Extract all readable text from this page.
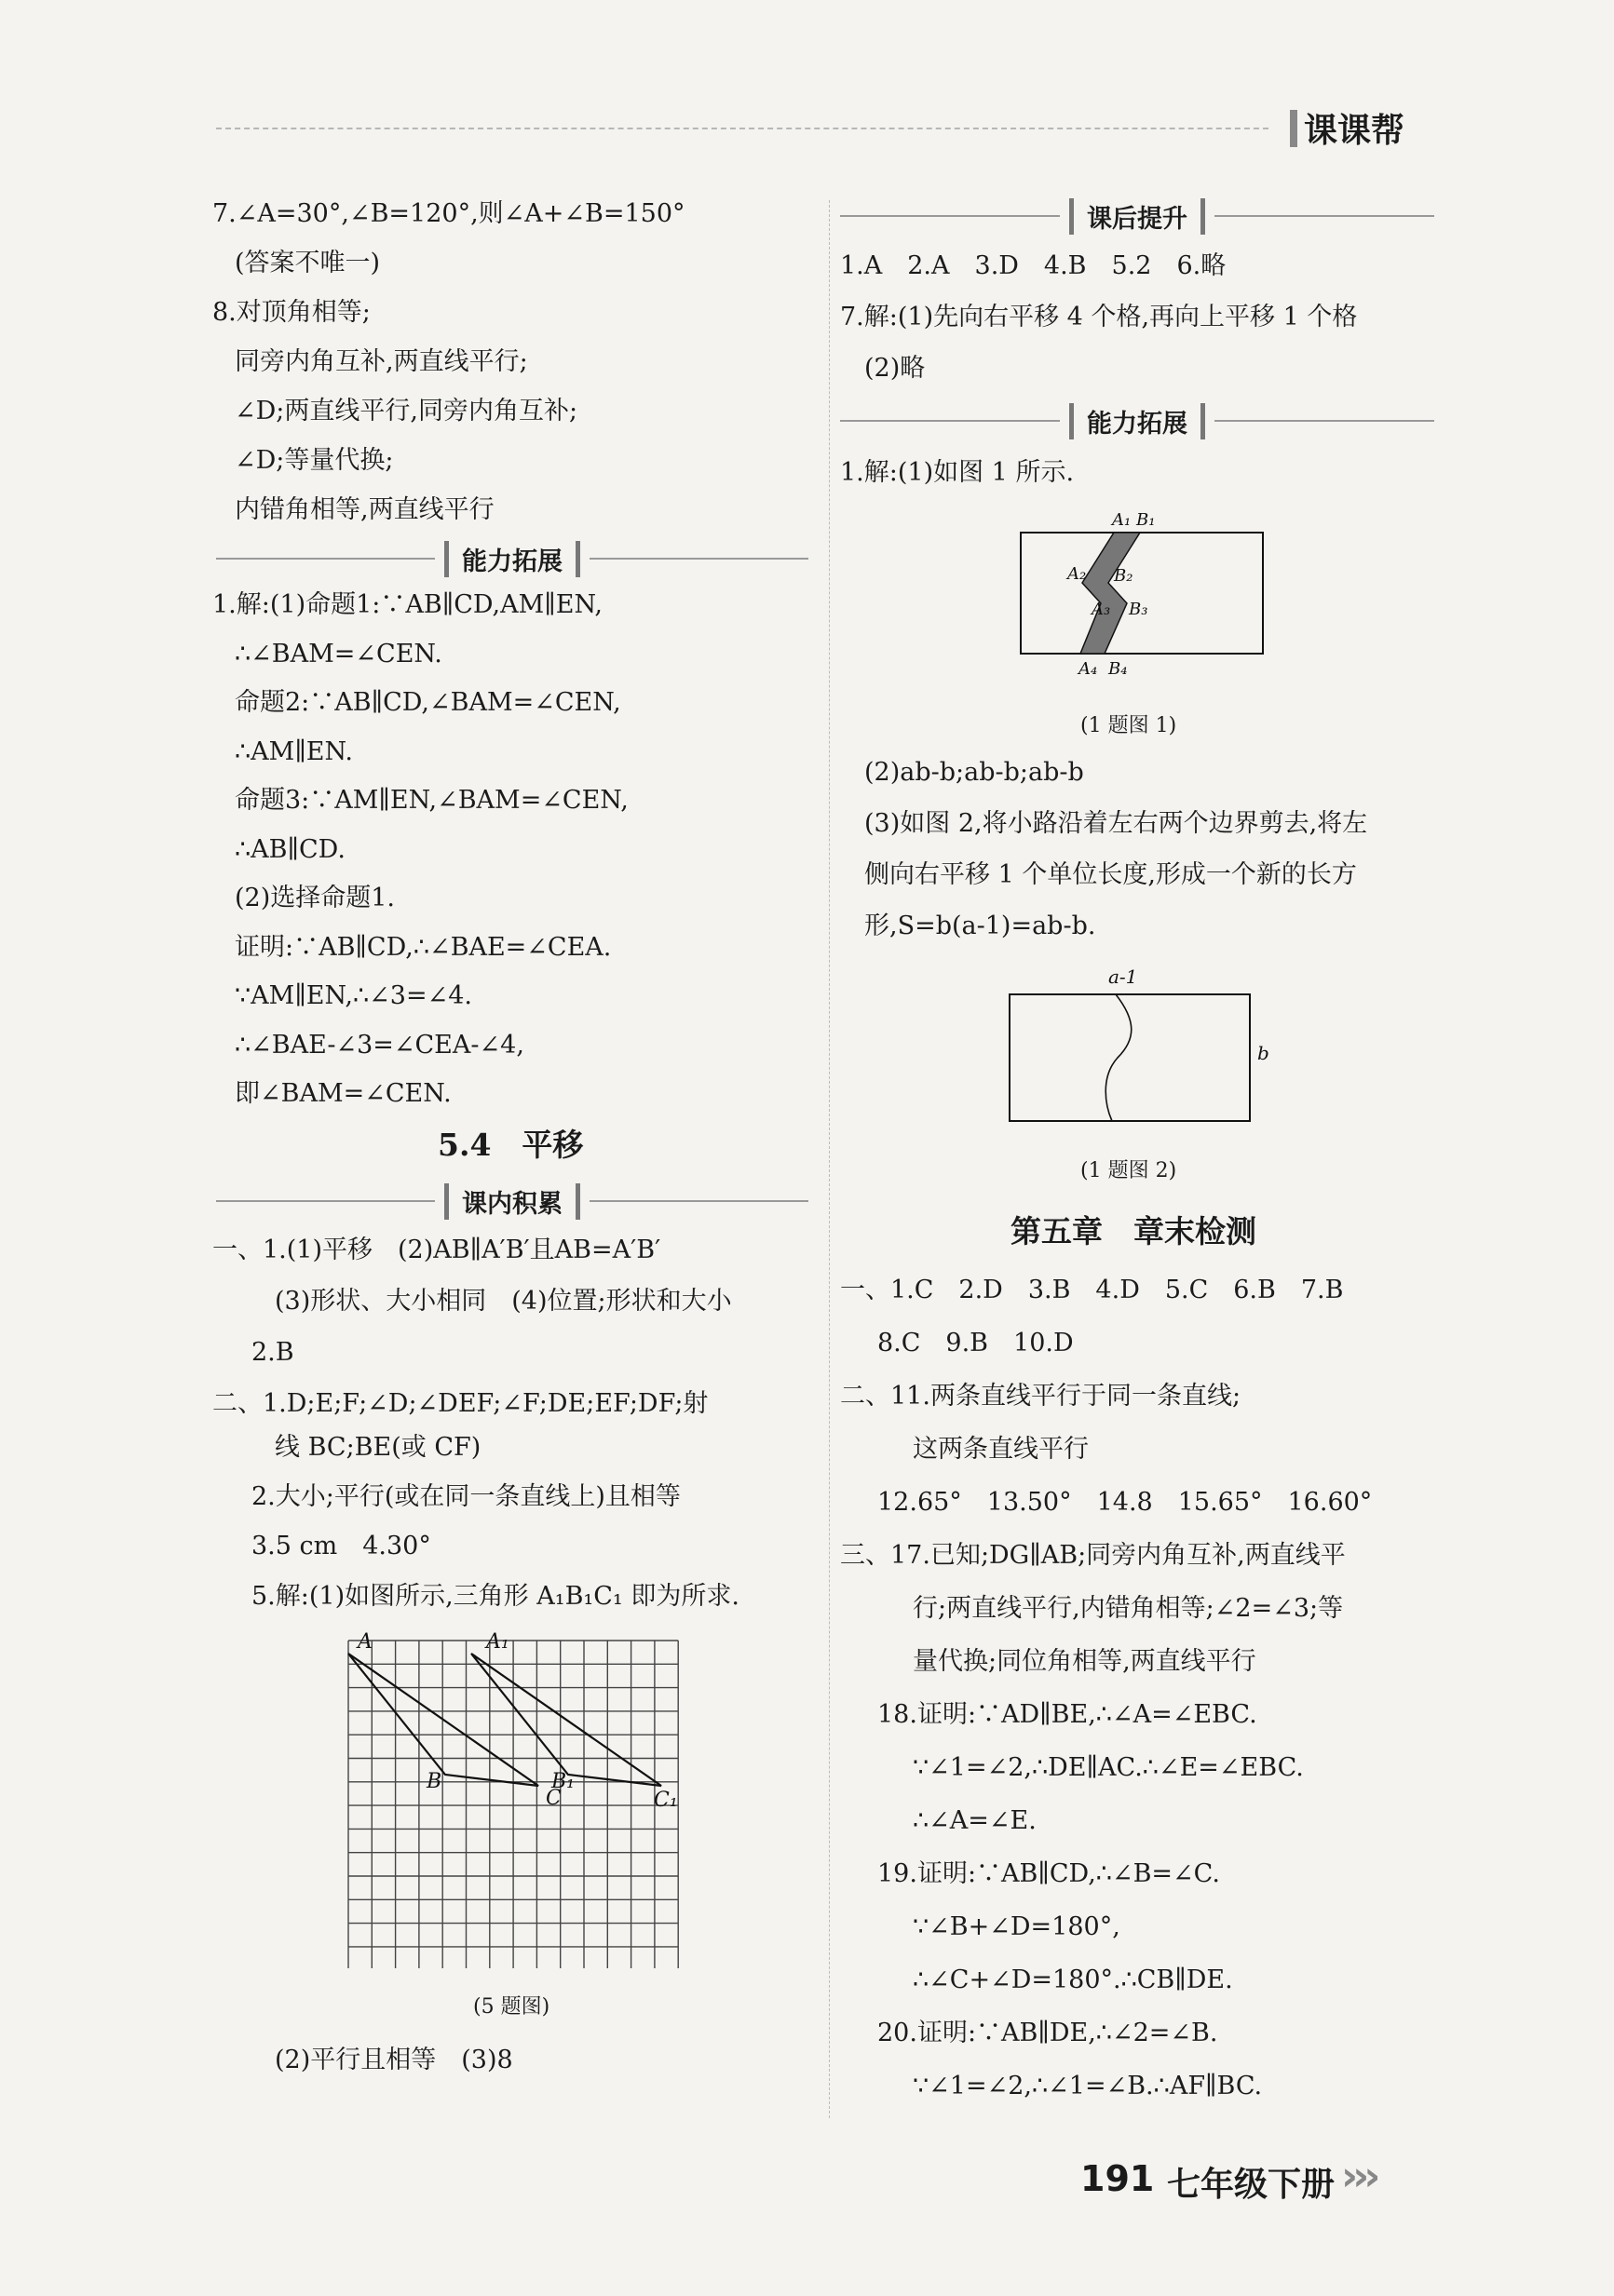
课课帮
7.∠A=30°,∠B=120°,则∠A+∠B=150°
(答案不唯一)
8.对顶角相等;
同旁内角互补,两直线平行;
∠D;两直线平行,同旁内角互补;
∠D;等量代换;
内错角相等,两直线平行
能力拓展
1.解:(1)命题1:∵AB∥CD,AM∥EN,
∴∠BAM=∠CEN.
命题2:∵AB∥CD,∠BAM=∠CEN,
∴AM∥EN.
命题3:∵AM∥EN,∠BAM=∠CEN,
∴AB∥CD.
(2)选择命题1.
证明:∵AB∥CD,∴∠BAE=∠CEA.
∵AM∥EN,∴∠3=∠4.
∴∠BAE-∠3=∠CEA-∠4,
即∠BAM=∠CEN.
5.4　平移
课内积累
一、1.(1)平移　(2)AB∥A′B′且AB=A′B′
(3)形状、大小相同　(4)位置;形状和大小
2.B
二、1.D;E;F;∠D;∠DEF;∠F;DE;EF;DF;射
线 BC;BE(或 CF)
2.大小;平行(或在同一条直线上)且相等
3.5 cm　4.30°
5.解:(1)如图所示,三角形 A₁B₁C₁ 即为所求.
A	A₁
B	B₁
C	C₁
(5 题图)
(2)平行且相等　(3)8
课后提升
1.A　2.A　3.D　4.B　5.2　6.略
7.解:(1)先向右平移 4 个格,再向上平移 1 个格
(2)略
能力拓展
1.解:(1)如图 1 所示.
A₁ B₁
A₂ B₂
A₃ B₃
A₄ B₄
(1 题图 1)
(2)ab-b;ab-b;ab-b
(3)如图 2,将小路沿着左右两个边界剪去,将左
侧向右平移 1 个单位长度,形成一个新的长方
形,S=b(a-1)=ab-b.
a-1
b
(1 题图 2)
第五章　章末检测
一、1.C　2.D　3.B　4.D　5.C　6.B　7.B
8.C　9.B　10.D
二、11.两条直线平行于同一条直线;
这两条直线平行
12.65°　13.50°　14.8　15.65°　16.60°
三、17.已知;DG∥AB;同旁内角互补,两直线平
行;两直线平行,内错角相等;∠2=∠3;等
量代换;同位角相等,两直线平行
18.证明:∵AD∥BE,∴∠A=∠EBC.
∵∠1=∠2,∴DE∥AC.∴∠E=∠EBC.
∴∠A=∠E.
19.证明:∵AB∥CD,∴∠B=∠C.
∵∠B+∠D=180°,
∴∠C+∠D=180°.∴CB∥DE.
20.证明:∵AB∥DE,∴∠2=∠B.
∵∠1=∠2,∴∠1=∠B.∴AF∥BC.
191 七年级下册 ›››
